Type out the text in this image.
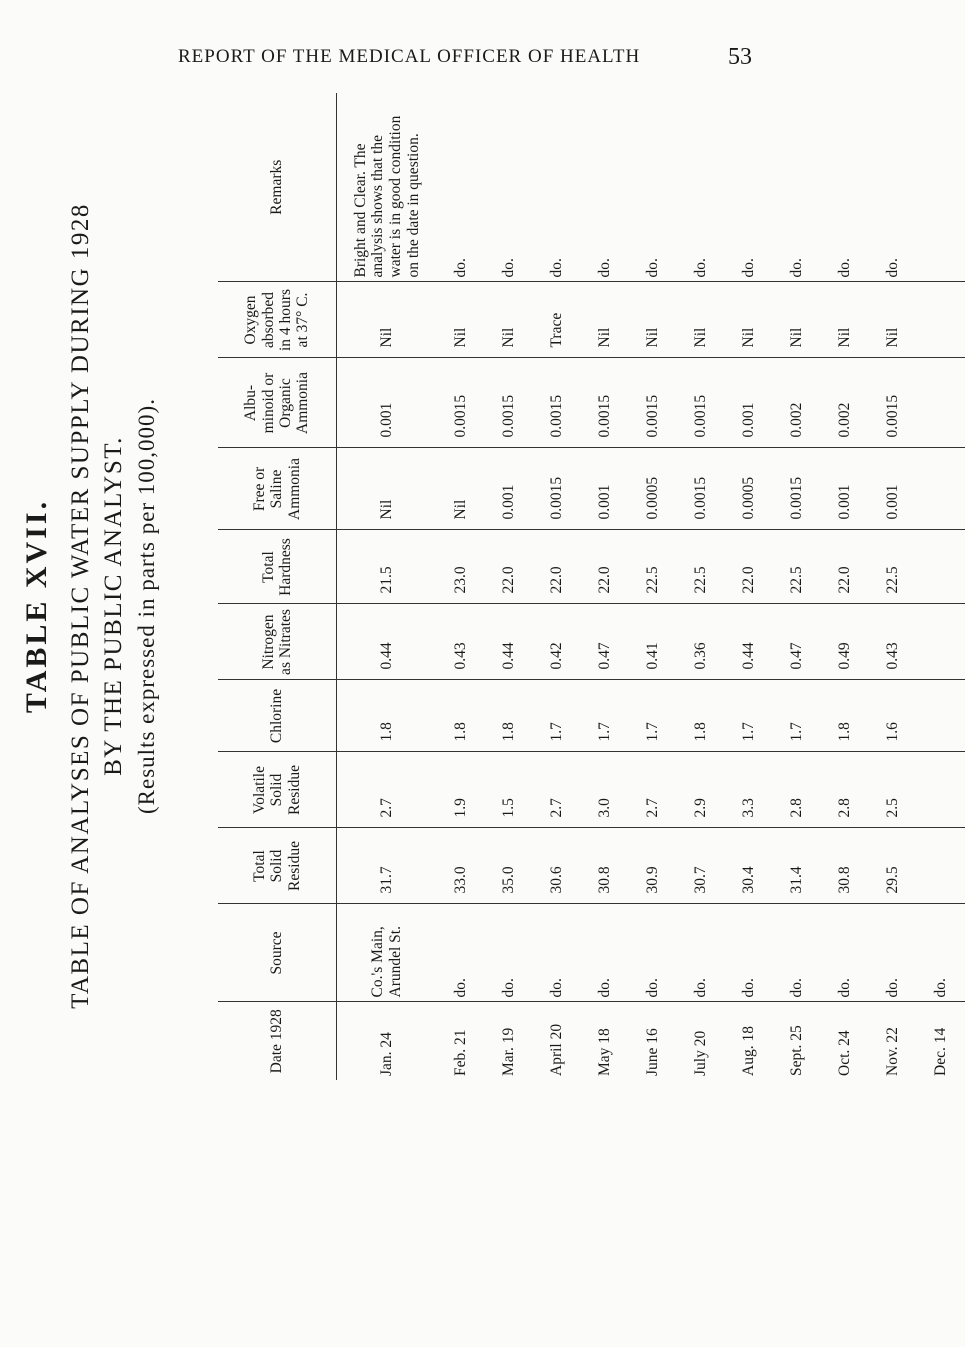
REPORT OF THE MEDICAL OFFICER OF HEALTH	53
TABLE XVII. TABLE OF ANALYSES OF PUBLIC WATER SUPPLY DURING 1928 BY THE PUBLIC ANALYST. (Results expressed in parts per 100,000).
Date 1928	Source	Total Solid Residue	Volatile Solid Residue	Chlorine	Nitrogen as Nitrates	Total Hardness	Free or Saline Ammonia	Albu- minoid or Organic Ammonia	Oxygen absorbed in 4 hours at 37° C.	Remarks
Jan. 24	Co.'s Main, Arundel St.	31.7	2.7	1.8	0.44	21.5	Nil	0.001	Nil	Bright and Clear. The analysis shows that the water is in good condition on the date in question.
Feb. 21	do.	33.0	1.9	1.8	0.43	23.0	Nil	0.0015	Nil	do.
Mar. 19	do.	35.0	1.5	1.8	0.44	22.0	0.001	0.0015	Nil	do.
April 20	do.	30.6	2.7	1.7	0.42	22.0	0.0015	0.0015	Trace	do.
May 18	do.	30.8	3.0	1.7	0.47	22.0	0.001	0.0015	Nil	do.
June 16	do.	30.9	2.7	1.7	0.41	22.5	0.0005	0.0015	Nil	do.
July 20	do.	30.7	2.9	1.8	0.36	22.5	0.0015	0.0015	Nil	do.
Aug. 18	do.	30.4	3.3	1.7	0.44	22.0	0.0005	0.001	Nil	do.
Sept. 25	do.	31.4	2.8	1.7	0.47	22.5	0.0015	0.002	Nil	do.
Oct. 24	do.	30.8	2.8	1.8	0.49	22.0	0.001	0.002	Nil	do.
Nov. 22	do.	29.5	2.5	1.6	0.43	22.5	0.001	0.0015	Nil	do.
Dec. 14	do.									
